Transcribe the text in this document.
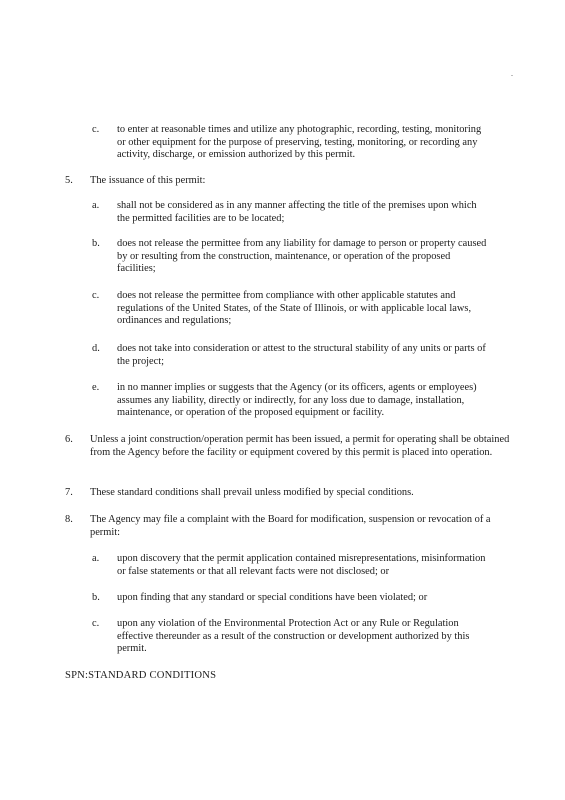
.
c. to enter at reasonable times and utilize any photographic, recording, testing, monitoring or other equipment for the purpose of preserving, testing, monitoring, or recording any activity, discharge, or emission authorized by this permit.
5. The issuance of this permit:
a. shall not be considered as in any manner affecting the title of the premises upon which the permitted facilities are to be located;
b. does not release the permittee from any liability for damage to person or property caused by or resulting from the construction, maintenance, or operation of the proposed facilities;
c. does not release the permittee from compliance with other applicable statutes and regulations of the United States, of the State of Illinois, or with applicable local laws, ordinances and regulations;
d. does not take into consideration or attest to the structural stability of any units or parts of the project;
e. in no manner implies or suggests that the Agency (or its officers, agents or employees) assumes any liability, directly or indirectly, for any loss due to damage, installation, maintenance, or operation of the proposed equipment or facility.
6. Unless a joint construction/operation permit has been issued, a permit for operating shall be obtained from the Agency before the facility or equipment covered by this permit is placed into operation.
7. These standard conditions shall prevail unless modified by special conditions.
8. The Agency may file a complaint with the Board for modification, suspension or revocation of a permit:
a. upon discovery that the permit application contained misrepresentations, misinformation or false statements or that all relevant facts were not disclosed; or
b. upon finding that any standard or special conditions have been violated; or
c. upon any violation of the Environmental Protection Act or any Rule or Regulation effective thereunder as a result of the construction or development authorized by this permit.
SPN:STANDARD CONDITIONS
